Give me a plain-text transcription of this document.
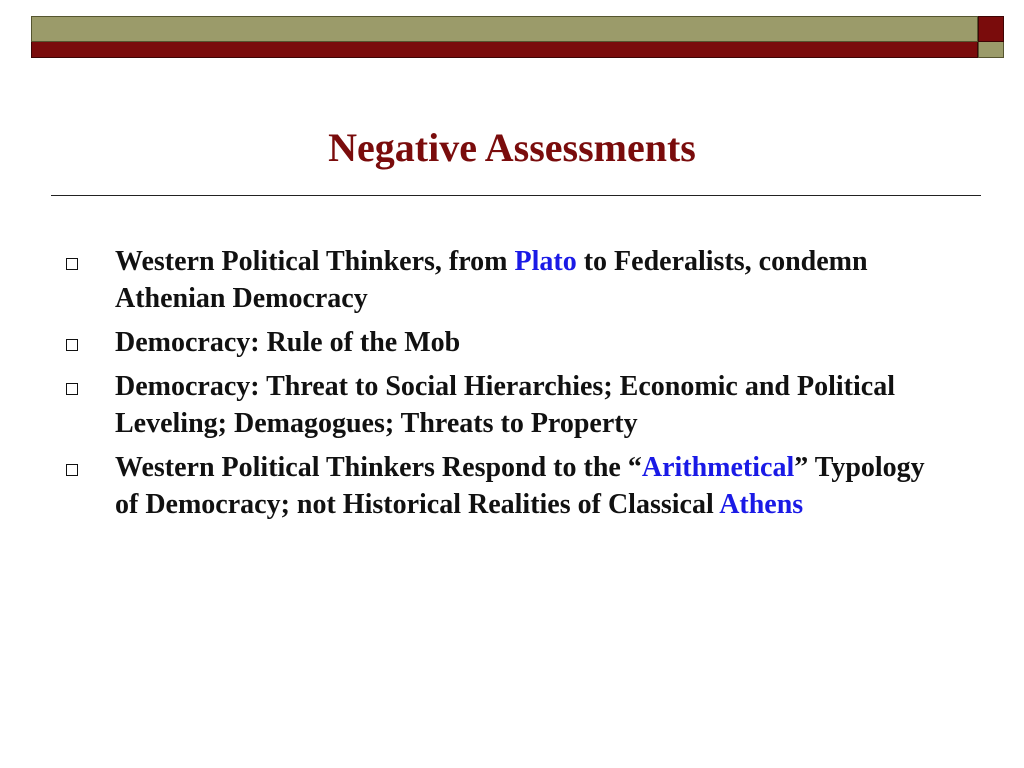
Negative Assessments
Western Political Thinkers, from Plato to Federalists, condemn Athenian Democracy
Democracy: Rule of the Mob
Democracy: Threat to Social Hierarchies; Economic and Political Leveling; Demagogues; Threats to Property
Western Political Thinkers Respond to the “Arithmetical” Typology of Democracy; not Historical Realities of Classical Athens
